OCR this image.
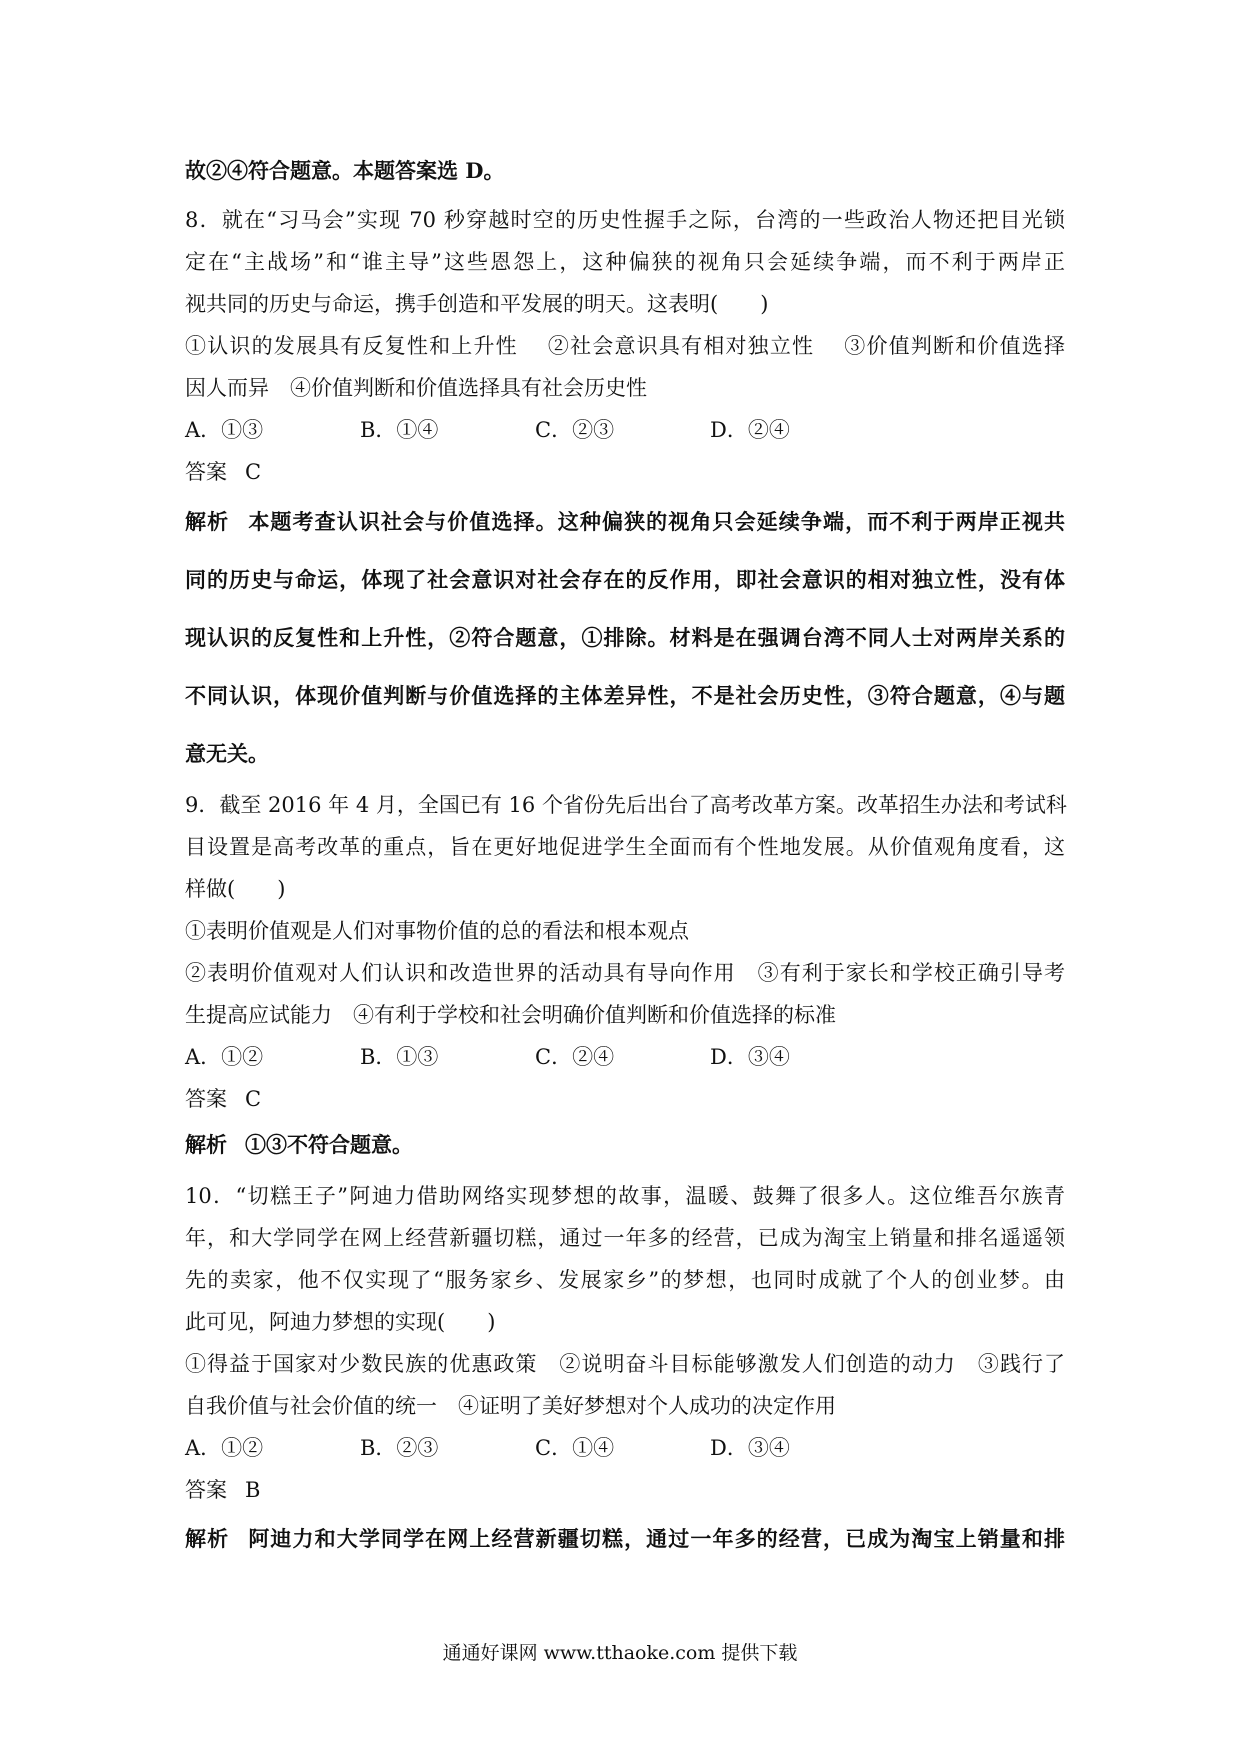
故②④符合题意。本题答案选 D。
8．就在“习马会”实现 70 秒穿越时空的历史性握手之际，台湾的一些政治人物还把目光锁
定在“主战场”和“谁主导”这些恩怨上，这种偏狭的视角只会延续争端，而不利于两岸正
视共同的历史与命运，携手创造和平发展的明天。这表明(　　)
①认识的发展具有反复性和上升性　 ②社会意识具有相对独立性　 ③价值判断和价值选择
因人而异　④价值判断和价值选择具有社会历史性
A．①③	B．①④	C．②③	D．②④
答案 C
解析 本题考查认识社会与价值选择。这种偏狭的视角只会延续争端，而不利于两岸正视共
同的历史与命运，体现了社会意识对社会存在的反作用，即社会意识的相对独立性，没有体
现认识的反复性和上升性，②符合题意，①排除。材料是在强调台湾不同人士对两岸关系的
不同认识，体现价值判断与价值选择的主体差异性，不是社会历史性，③符合题意，④与题
意无关。
9．截至 2016 年 4 月，全国已有 16 个省份先后出台了高考改革方案。改革招生办法和考试科
目设置是高考改革的重点，旨在更好地促进学生全面而有个性地发展。从价值观角度看，这
样做(　　)
①表明价值观是人们对事物价值的总的看法和根本观点
②表明价值观对人们认识和改造世界的活动具有导向作用　③有利于家长和学校正确引导考
生提高应试能力　④有利于学校和社会明确价值判断和价值选择的标准
A．①②	B．①③	C．②④	D．③④
答案 C
解析 ①③不符合题意。
10．“切糕王子”阿迪力借助网络实现梦想的故事，温暖、鼓舞了很多人。这位维吾尔族青
年，和大学同学在网上经营新疆切糕，通过一年多的经营，已成为淘宝上销量和排名遥遥领
先的卖家，他不仅实现了“服务家乡、发展家乡”的梦想，也同时成就了个人的创业梦。由
此可见，阿迪力梦想的实现(　　)
①得益于国家对少数民族的优惠政策　②说明奋斗目标能够激发人们创造的动力　③践行了
自我价值与社会价值的统一　④证明了美好梦想对个人成功的决定作用
A．①②	B．②③	C．①④	D．③④
答案 B
解析 阿迪力和大学同学在网上经营新疆切糕，通过一年多的经营，已成为淘宝上销量和排
通通好课网 www.tthaoke.com 提供下载
